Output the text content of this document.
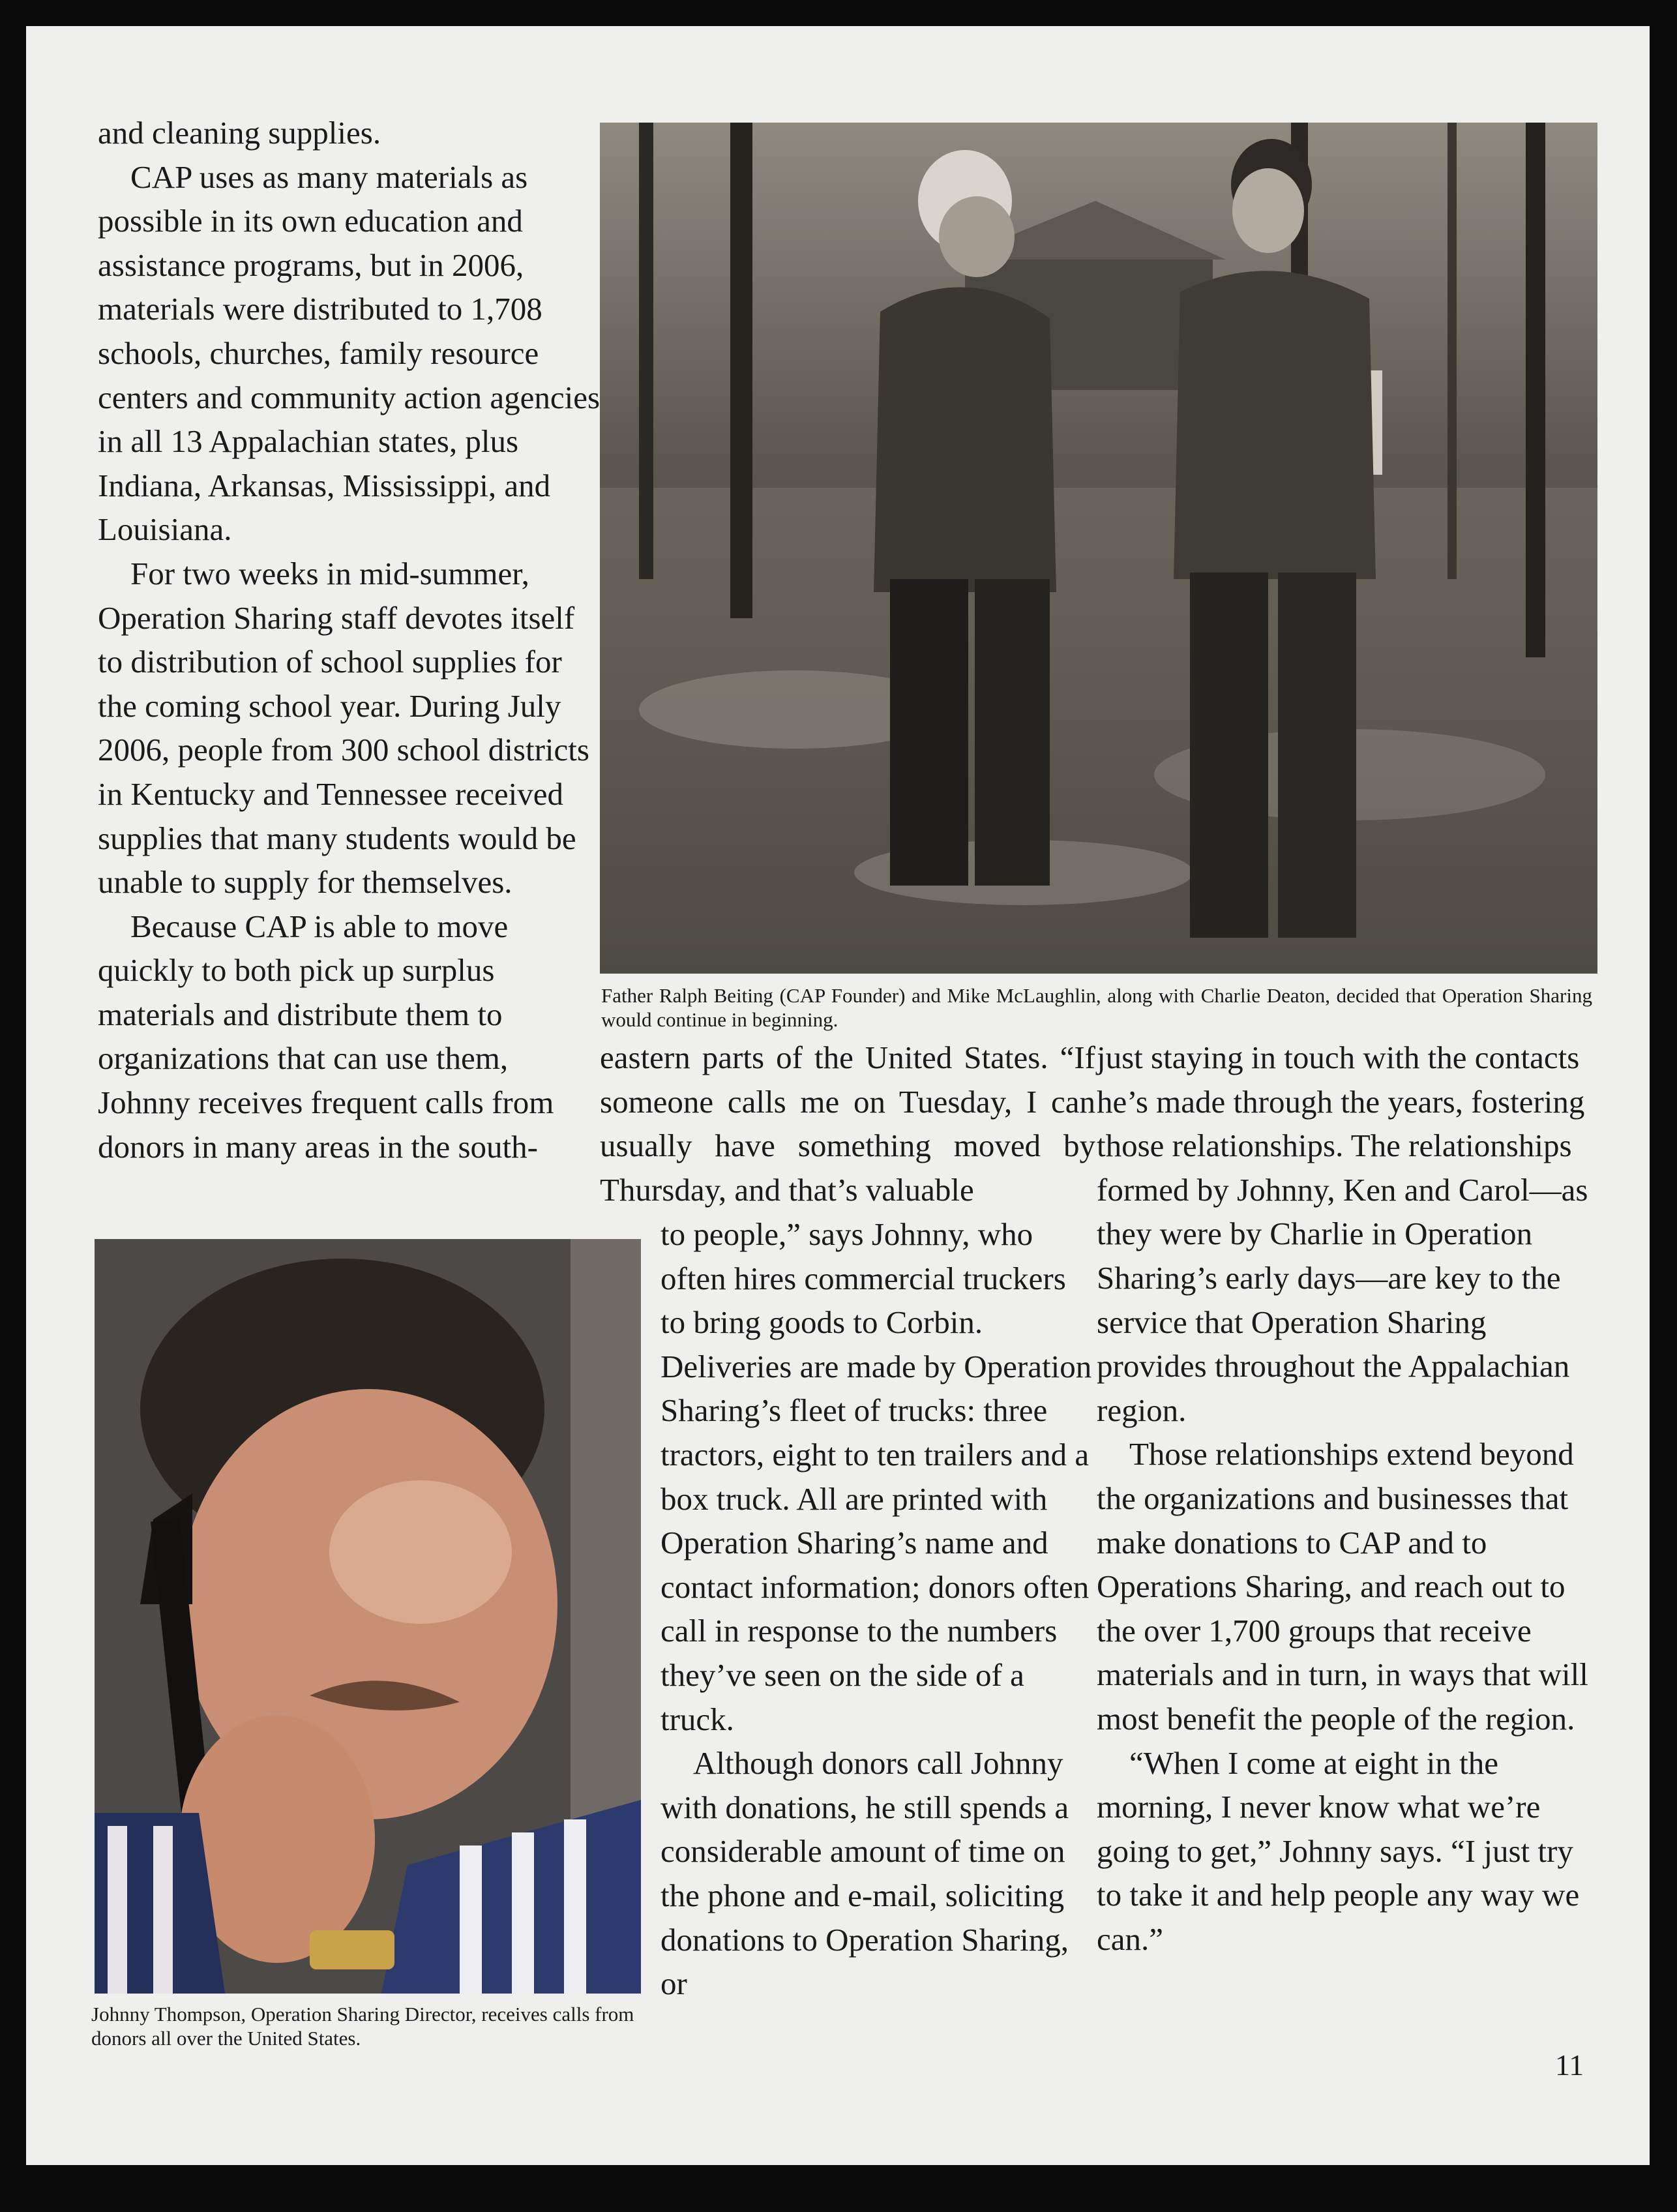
and cleaning supplies.

CAP uses as many materials as possible in its own education and assistance programs, but in 2006, materials were distributed to 1,708 schools, churches, family resource centers and community action agencies in all 13 Appalachian states, plus Indiana, Arkansas, Mississippi, and Louisiana.

For two weeks in mid-summer, Operation Sharing staff devotes itself to distribution of school supplies for the coming school year. During July 2006, people from 300 school districts in Kentucky and Tennessee received supplies that many students would be unable to supply for themselves.

Because CAP is able to move quickly to both pick up surplus materials and distribute them to organizations that can use them, Johnny receives frequent calls from donors in many areas in the south-

Father Ralph Beiting (CAP Founder) and Mike McLaughlin, along with Charlie Deaton, decided that Operation Sharing would continue in beginning.
eastern parts of the United States. “If someone calls me on Tuesday, I can usually have something moved by Thursday, and that’s valuable

to people,” says Johnny, who often hires commercial truckers to bring goods to Corbin. Deliveries are made by Operation Sharing’s fleet of trucks: three tractors, eight to ten trailers and a box truck. All are printed with Operation Sharing’s name and contact information; donors often call in response to the numbers they’ve seen on the side of a truck.

Although donors call Johnny with donations, he still spends a considerable amount of time on the phone and e-mail, soliciting donations to Operation Sharing, or

just staying in touch with the contacts he’s made through the years, fostering those relationships. The relationships formed by Johnny, Ken and Carol—as they were by Charlie in Operation Sharing’s early days—are key to the service that Operation Sharing provides throughout the Appalachian region.

Those relationships extend beyond the organizations and businesses that make donations to CAP and to Operations Sharing, and reach out to the over 1,700 groups that receive materials and in turn, in ways that will most benefit the people of the region.

“When I come at eight in the morning, I never know what we’re going to get,” Johnny says. “I just try to take it and help people any way we can.”

Johnny Thompson, Operation Sharing Director, receives calls from donors all over the United States.
11
